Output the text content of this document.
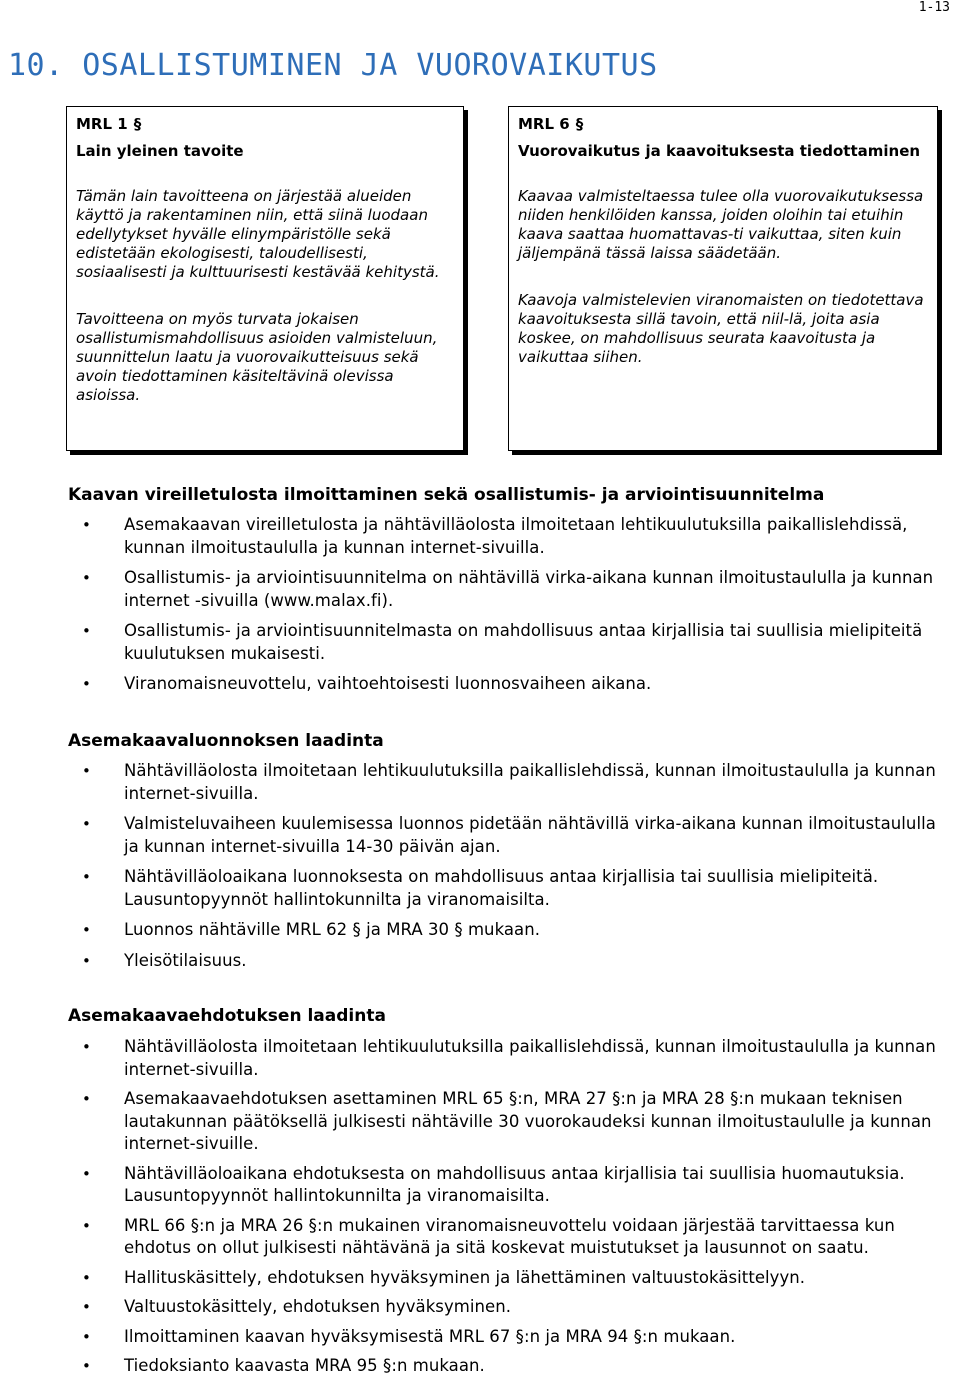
1-13
10. OSALLISTUMINEN JA VUOROVAIKUTUS
MRL 1 §
Lain yleinen tavoite
Tämän lain tavoitteena on järjestää alueiden käyttö ja rakentaminen niin, että siinä luodaan edellytykset hyvälle elinympäristölle sekä edistetään ekologisesti, taloudellisesti, sosiaalisesti ja kulttuurisesti kestävää kehitystä.
Tavoitteena on myös turvata jokaisen osallistumismahdollisuus asioiden valmisteluun, suunnittelun laatu ja vuorovaikutteisuus sekä avoin tiedottaminen käsiteltävinä olevissa asioissa.
MRL 6 §
Vuorovaikutus ja kaavoituksesta tiedottaminen
Kaavaa valmisteltaessa tulee olla vuorovaikutuksessa niiden henkilöiden kanssa, joiden oloihin tai etuihin kaava saattaa huomattavas-ti vaikuttaa, siten kuin jäljempänä tässä laissa säädetään.
Kaavoja valmistelevien viranomaisten on tiedotettava kaavoituksesta sillä tavoin, että niil-lä, joita asia koskee, on mahdollisuus seurata kaavoitusta ja vaikuttaa siihen.
Kaavan vireilletulosta ilmoittaminen sekä osallistumis- ja arviointisuunnitelma
• Asemakaavan vireilletulosta ja nähtävilläolosta ilmoitetaan lehtikuulutuksilla paikallislehdissä, kunnan ilmoitustaululla ja kunnan internet-sivuilla.
• Osallistumis- ja arviointisuunnitelma on nähtävillä virka-aikana kunnan ilmoitustaululla ja kunnan internet -sivuilla (www.malax.fi).
• Osallistumis- ja arviointisuunnitelmasta on mahdollisuus antaa kirjallisia tai suullisia mielipiteitä kuulutuksen mukaisesti.
• Viranomaisneuvottelu, vaihtoehtoisesti luonnosvaiheen aikana.
Asemakaavaluonnoksen laadinta
• Nähtävilläolosta ilmoitetaan lehtikuulutuksilla paikallislehdissä, kunnan ilmoitustaululla ja kunnan internet-sivuilla.
• Valmisteluvaiheen kuulemisessa luonnos pidetään nähtävillä virka-aikana kunnan ilmoitustaululla ja kunnan internet-sivuilla 14-30 päivän ajan.
• Nähtävilläoloaikana luonnoksesta on mahdollisuus antaa kirjallisia tai suullisia mielipiteitä. Lausuntopyynnöt hallintokunnilta ja viranomaisilta.
• Luonnos nähtäville MRL 62 § ja MRA 30 § mukaan.
• Yleisötilaisuus.
Asemakaavaehdotuksen laadinta
• Nähtävilläolosta ilmoitetaan lehtikuulutuksilla paikallislehdissä, kunnan ilmoitustaululla ja kunnan internet-sivuilla.
• Asemakaavaehdotuksen asettaminen MRL 65 §:n, MRA 27 §:n ja MRA 28 §:n mukaan teknisen lautakunnan päätöksellä julkisesti nähtäville 30 vuorokaudeksi kunnan ilmoitustaululle ja kunnan internet-sivuille.
• Nähtävilläoloaikana ehdotuksesta on mahdollisuus antaa kirjallisia tai suullisia huomautuksia. Lausuntopyynnöt hallintokunnilta ja viranomaisilta.
• MRL 66 §:n ja MRA 26 §:n mukainen viranomaisneuvottelu voidaan järjestää tarvittaessa kun ehdotus on ollut julkisesti nähtävänä ja sitä koskevat muistutukset ja lausunnot on saatu.
• Hallituskäsittely, ehdotuksen hyväksyminen ja lähettäminen valtuustokäsittelyyn.
• Valtuustokäsittely, ehdotuksen hyväksyminen.
• Ilmoittaminen kaavan hyväksymisestä MRL 67 §:n ja MRA 94 §:n mukaan.
• Tiedoksianto kaavasta MRA 95 §:n mukaan.
